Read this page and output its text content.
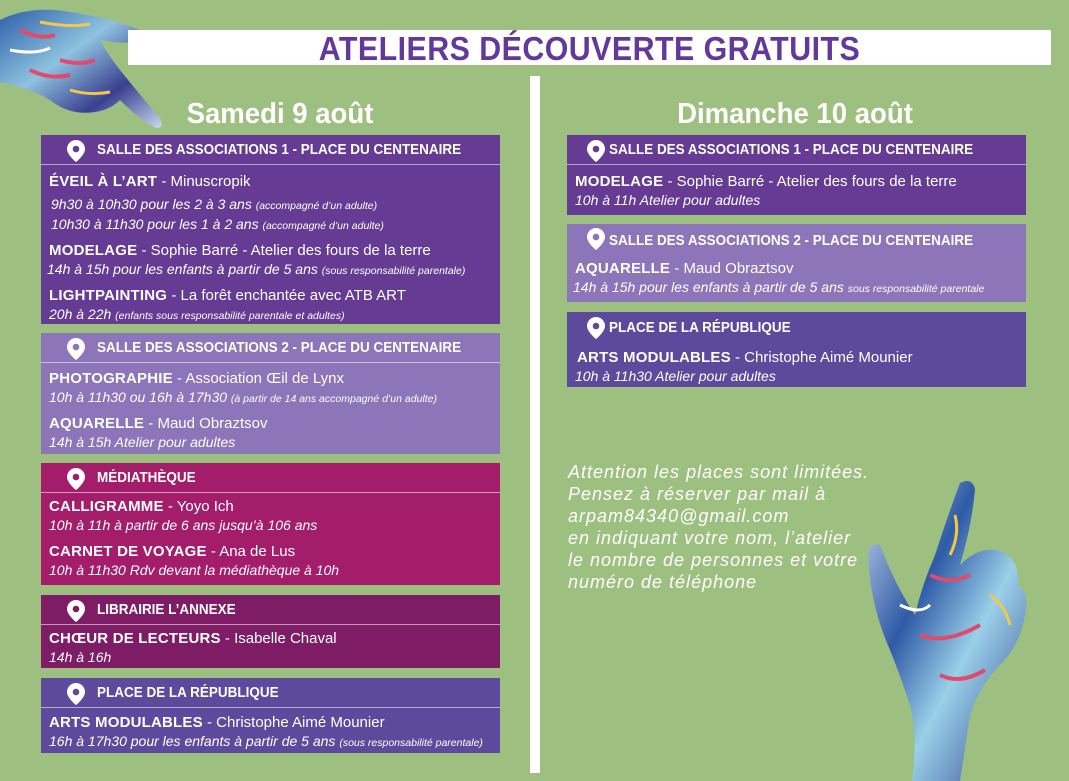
ATELIERS DÉCOUVERTE GRATUITS
Samedi 9 août	Dimanche 10 août
SALLE DES ASSOCIATIONS 1 - PLACE DU CENTENAIRE
ÉVEIL À L’ART - Minuscropik
9h30 à 10h30 pour les 2 à 3 ans (accompagné d’un adulte)
10h30 à 11h30 pour les 1 à 2 ans (accompagné d’un adulte)
MODELAGE - Sophie Barré - Atelier des fours de la terre
14h à 15h pour les enfants à partir de 5 ans (sous responsabilité parentale)
LIGHTPAINTING - La forêt enchantée avec ATB ART
20h à 22h (enfants sous responsabilité parentale et adultes)
SALLE DES ASSOCIATIONS 2 - PLACE DU CENTENAIRE
PHOTOGRAPHIE - Association Œil de Lynx
10h à 11h30 ou 16h à 17h30 (à partir de 14 ans accompagné d’un adulte)
AQUARELLE - Maud Obraztsov
14h à 15h Atelier pour adultes
MÉDIATHÈQUE
CALLIGRAMME - Yoyo Ich
10h à 11h à partir de 6 ans jusqu’à 106 ans
CARNET DE VOYAGE - Ana de Lus
10h à 11h30 Rdv devant la médiathèque à 10h
LIBRAIRIE L’ANNEXE
CHŒUR DE LECTEURS - Isabelle Chaval
14h à 16h
PLACE DE LA RÉPUBLIQUE
ARTS MODULABLES - Christophe Aimé Mounier
16h à 17h30 pour les enfants à partir de 5 ans (sous responsabilité parentale)
SALLE DES ASSOCIATIONS 1 - PLACE DU CENTENAIRE
MODELAGE - Sophie Barré - Atelier des fours de la terre
10h à 11h Atelier pour adultes
SALLE DES ASSOCIATIONS 2 - PLACE DU CENTENAIRE
AQUARELLE - Maud Obraztsov
14h à 15h pour les enfants à partir de 5 ans sous responsabilité parentale
PLACE DE LA RÉPUBLIQUE
ARTS MODULABLES - Christophe Aimé Mounier
10h à 11h30 Atelier pour adultes
Attention les places sont limitées.
Pensez à réserver par mail à
arpam84340@gmail.com
en indiquant votre nom, l’atelier
le nombre de personnes et votre
numéro de téléphone
